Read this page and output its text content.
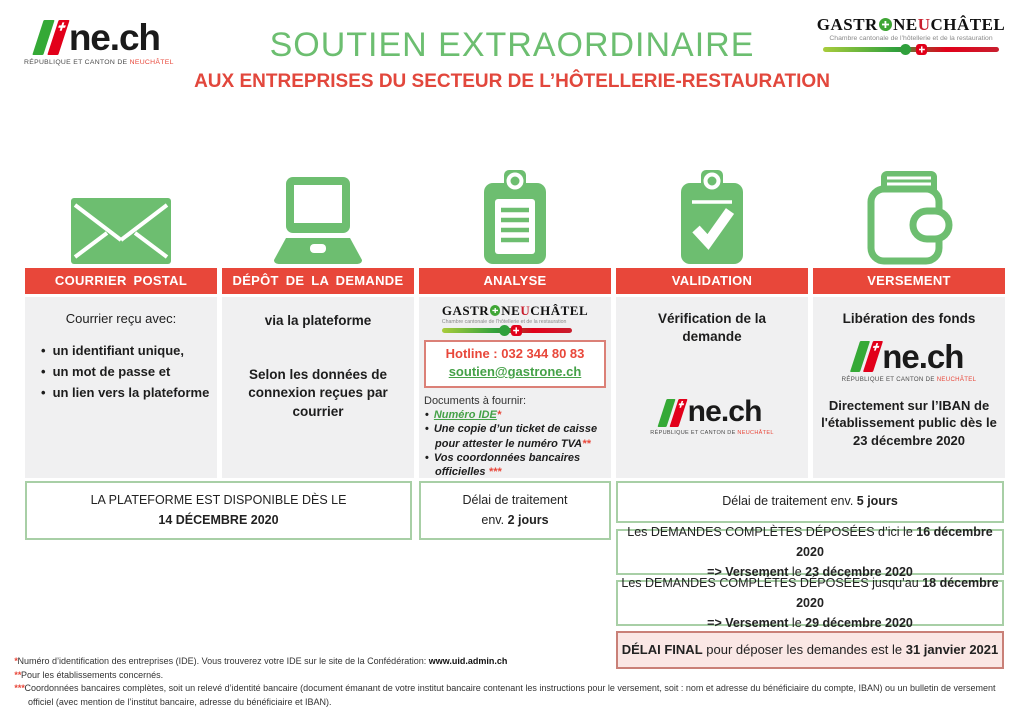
ne.ch
RÉPUBLIQUE ET CANTON DE NEUCHÂTEL	SOUTIEN EXTRAORDINAIRE
AUX ENTREPRISES DU SECTEUR DE L’HÔTELLERIE-RESTAURATION
GASTR NE U CHÂTEL
Chambre cantonale de l’hôtellerie et de la restauration
COURRIER POSTAL	DÉPÔT DE LA DEMANDE	ANALYSE	VALIDATION	VERSEMENT
Courrier reçu avec:
• un identifiant unique,
• un mot de passe et
• un lien vers la plateforme
via la plateforme
Selon les données de connexion reçues par courrier
GASTR NE U CHÂTEL
Chambre cantonale de l’hôtellerie et de la restauration
Hotline : 032 344 80 83
soutien@gastrone.ch
Documents à fournir:
• Numéro IDE*
• Une copie d’un ticket de caisse pour attester le numéro TVA**
• Vos coordonnées bancaires officielles ***
Vérification de la demande
ne.ch
RÉPUBLIQUE ET CANTON DE NEUCHÂTEL
Libération des fonds
ne.ch
RÉPUBLIQUE ET CANTON DE NEUCHÂTEL
Directement sur l’IBAN de l'établissement public dès le 23 décembre 2020
LA PLATEFORME EST DISPONIBLE DÈS LE
14 DÉCEMBRE 2020
Délai de traitement
env. 2 jours
Délai de traitement env. 5 jours
Les DEMANDES COMPLÈTES DÉPOSÉES d’ici le 16 décembre 2020
=> Versement le 23 décembre 2020
Les DEMANDES COMPLÈTES DÉPOSÉES jusqu’au 18 décembre 2020
=> Versement le 29 décembre 2020
DÉLAI FINAL pour déposer les demandes est le 31 janvier 2021
*Numéro d’identification des entreprises (IDE). Vous trouverez votre IDE sur le site de la Confédération: www.uid.admin.ch
**Pour les établissements concernés.
***Coordonnées bancaires complètes, soit un relevé d’identité bancaire (document émanant de votre institut bancaire contenant les instructions pour le versement, soit : nom et adresse du bénéficiaire du compte, IBAN) ou un bulletin de versement officiel (avec mention de l’institut bancaire, adresse du bénéficiaire et IBAN).
